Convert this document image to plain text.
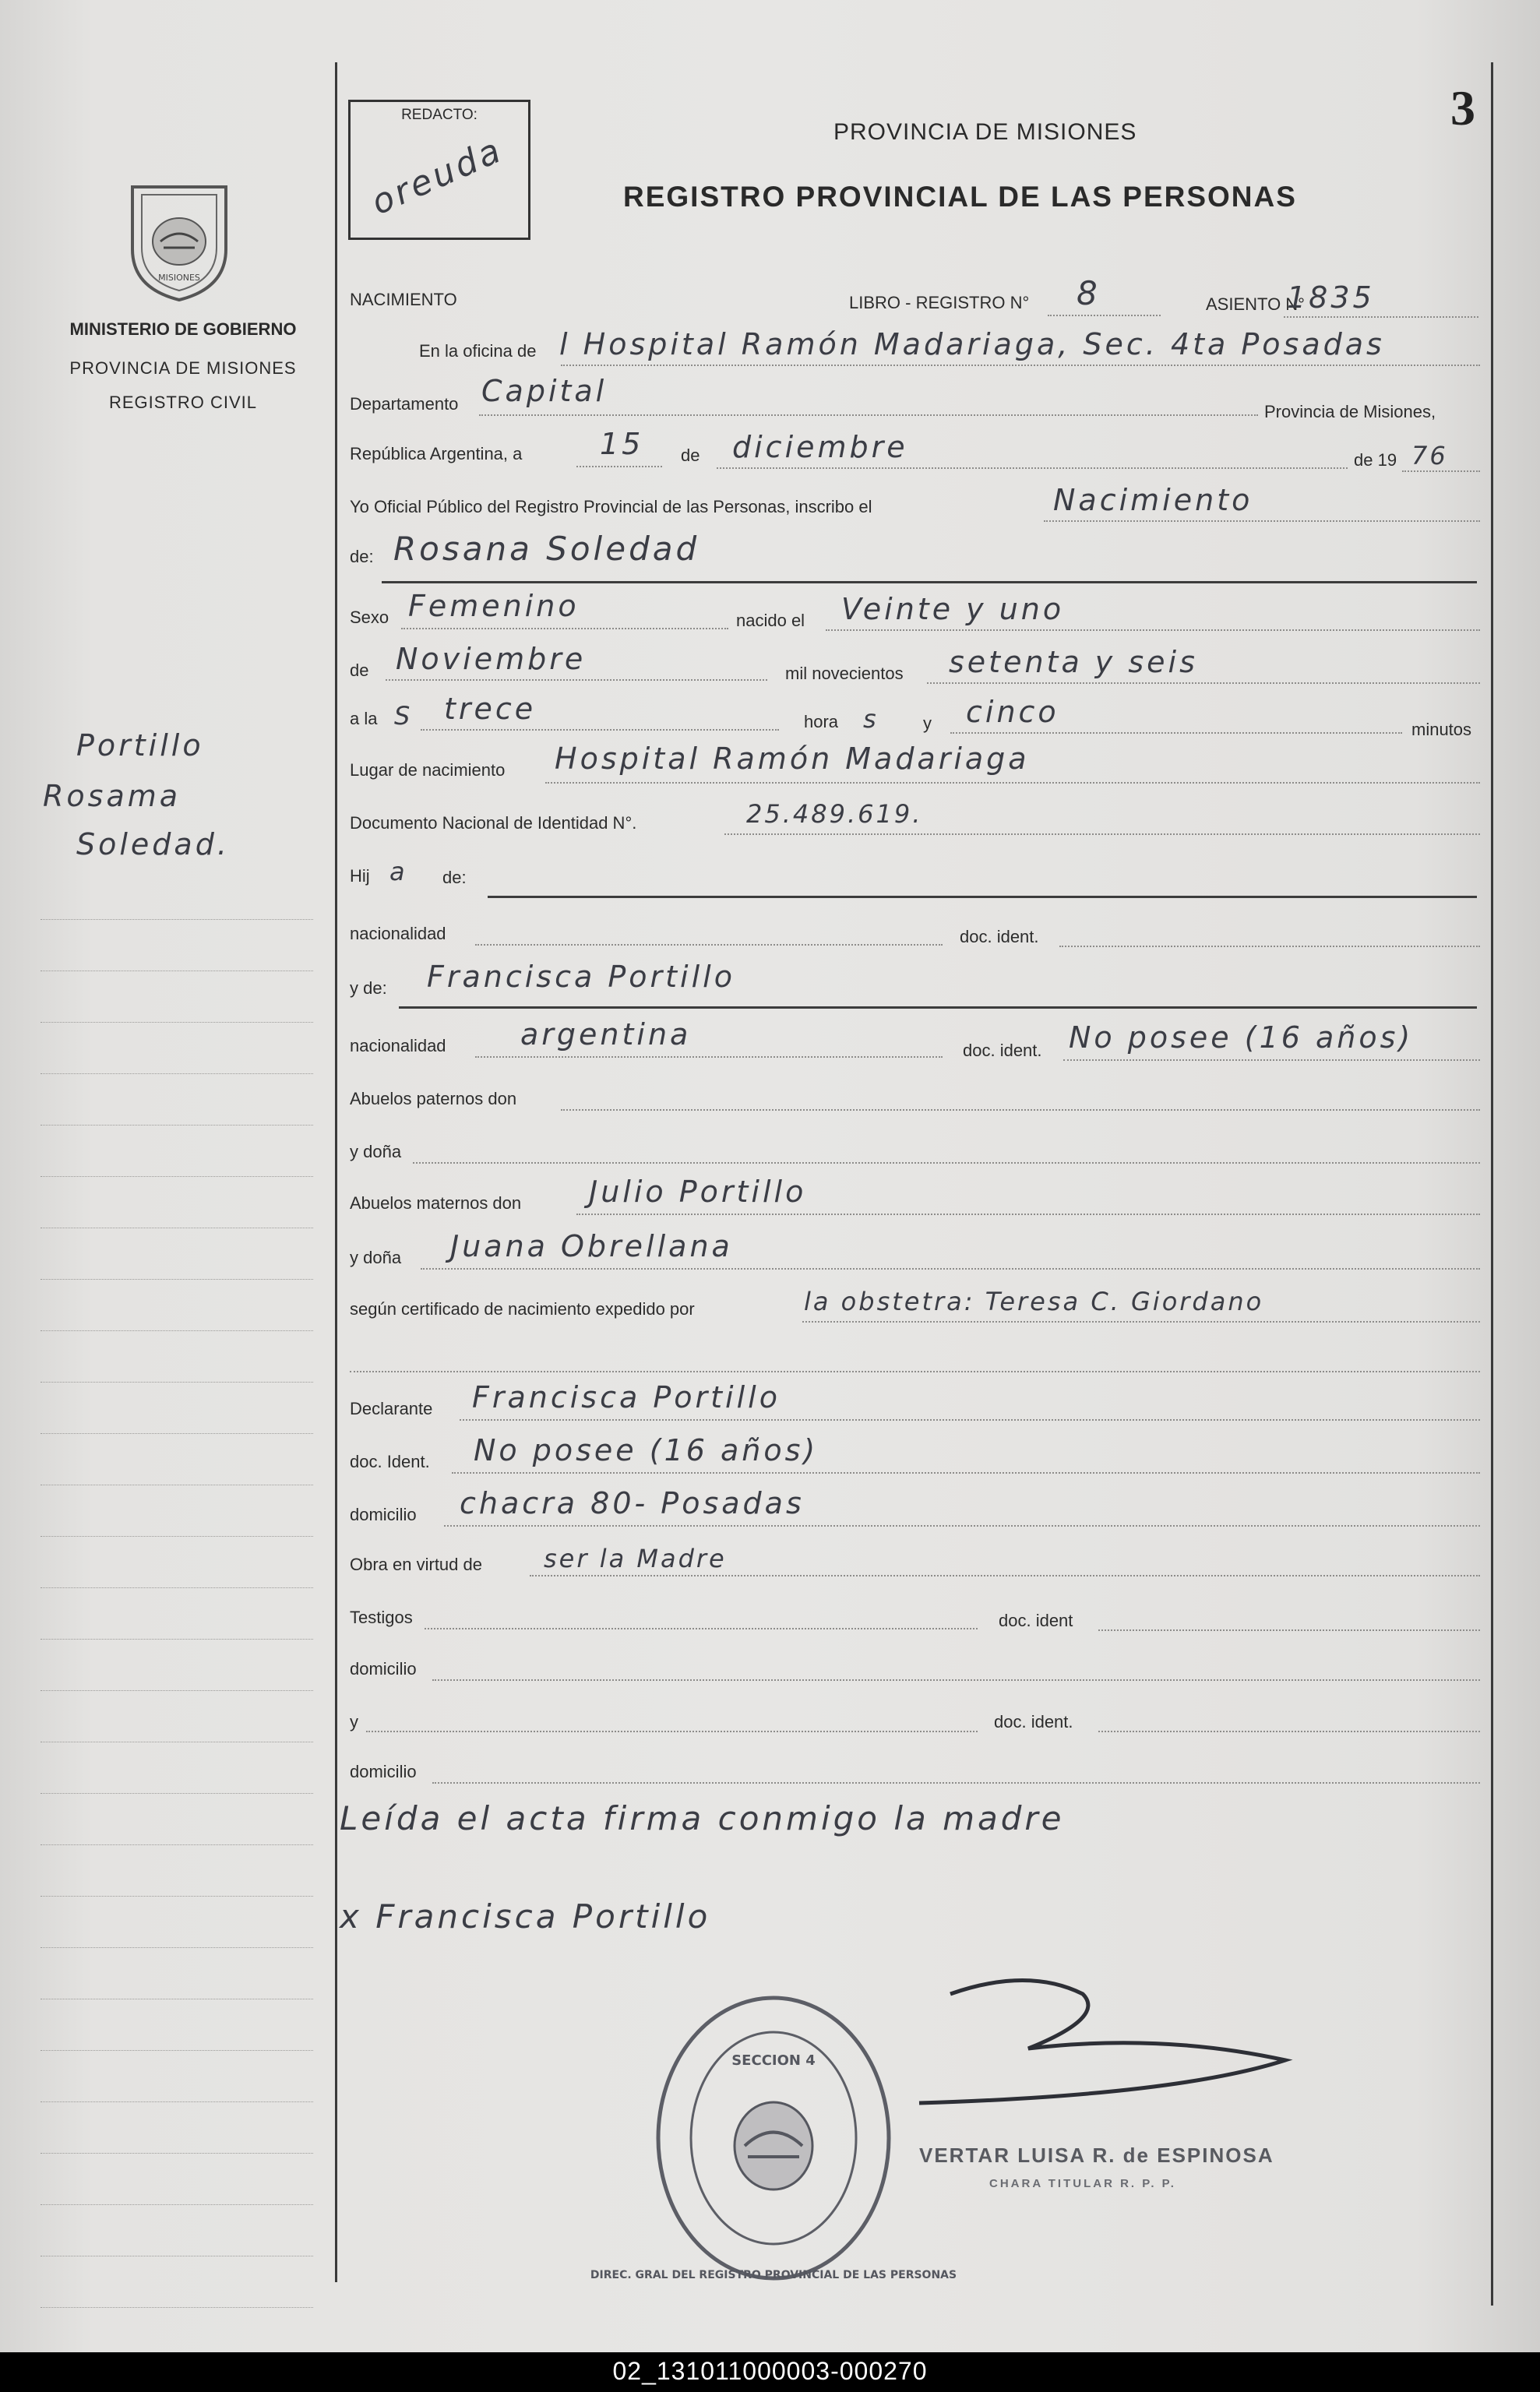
3
REDACTO:
oreuda	PROVINCIA DE MISIONES
REGISTRO PROVINCIAL DE LAS PERSONAS
MISIONES
MINISTERIO DE GOBIERNO
PROVINCIA DE MISIONES
REGISTRO CIVIL
Portillo
Rosama
Soledad.
NACIMIENTO	LIBRO - REGISTRO N° 8	ASIENTO N°
1835
En la oficina de l Hospital Ramón Madariaga, Sec. 4ta Posadas
Departamento Capital
Provincia de Misiones,
República Argentina, a	15 de diciembre	de 19 76
Yo Oficial Público del Registro Provincial de las Personas, inscribo el	Nacimiento
de: Rosana Soledad
Sexo Femenino	nacido el Veinte y uno
de Noviembre	mil novecientos setenta y seis
a la S trece	hora s	y cinco
minutos
Lugar de nacimiento Hospital Ramón Madariaga
Documento Nacional de Identidad N°.	25.489.619.
Hij a de:
nacionalidad	doc. ident.
y de: Francisca Portillo
nacionalidad	argentina	doc. ident. No posee (16 años)
Abuelos paternos don
y doña
Abuelos maternos don Julio Portillo
y doña Juana Obrellana
según certificado de nacimiento expedido por	la obstetra: Teresa C. Giordano
Declarante Francisca Portillo
doc. Ident. No posee (16 años)
domicilio chacra 80- Posadas
Obra en virtud de ser la Madre
Testigos	doc. ident
domicilio
y	doc. ident.
domicilio
Leída el acta firma conmigo la madre
x Francisca Portillo
SECCION 4
DIREC. GRAL DEL REGISTRO PROVINCIAL DE LAS PERSONAS
VERTAR LUISA R. de ESPINOSA
CHARA TITULAR R. P. P.
02_131011000003-000270
